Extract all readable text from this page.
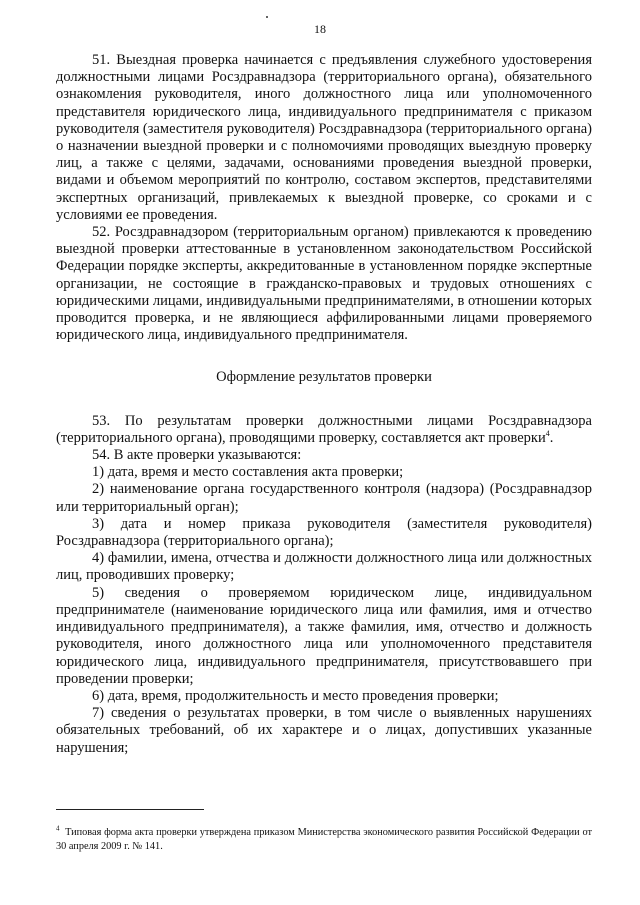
18

51. Выездная проверка начинается с предъявления служебного удостоверения должностными лицами Росздравнадзора (территориального органа), обязательного ознакомления руководителя, иного должностного лица или уполномоченного представителя юридического лица, индивидуального предпринимателя с приказом руководителя (заместителя руководителя) Росздравнадзора (территориального органа) о назначении выездной проверки и с полномочиями проводящих выездную проверку лиц, а также с целями, задачами, основаниями проведения выездной проверки, видами и объемом мероприятий по контролю, составом экспертов, представителями экспертных организаций, привлекаемых к выездной проверке, со сроками и с условиями ее проведения.

52. Росздравнадзором (территориальным органом) привлекаются к проведению выездной проверки аттестованные в установленном законодательством Российской Федерации порядке эксперты, аккредитованные в установленном порядке экспертные организации, не состоящие в гражданско-правовых и трудовых отношениях с юридическими лицами, индивидуальными предпринимателями, в отношении которых проводится проверка, и не являющиеся аффилированными лицами проверяемого юридического лица, индивидуального предпринимателя.

Оформление результатов проверки

53. По результатам проверки должностными лицами Росздравнадзора (территориального органа), проводящими проверку, составляется акт проверки$^4$.

54. В акте проверки указываются:

1) дата, время и место составления акта проверки;

2) наименование органа государственного контроля (надзора) (Росздравнадзор или территориальный орган);

3) дата и номер приказа руководителя (заместителя руководителя) Росздравнадзора (территориального органа);

4) фамилии, имена, отчества и должности должностного лица или должностных лиц, проводивших проверку;

5) сведения о проверяемом юридическом лице, индивидуальном предпринимателе (наименование юридического лица или фамилия, имя и отчество индивидуального предпринимателя), а также фамилия, имя, отчество и должность руководителя, иного должностного лица или уполномоченного представителя юридического лица, индивидуального предпринимателя, присутствовавшего при проведении проверки;

6) дата, время, продолжительность и место проведения проверки;

7) сведения о результатах проверки, в том числе о выявленных нарушениях обязательных требований, об их характере и о лицах, допустивших указанные нарушения;

$^4$ Типовая форма акта проверки утверждена приказом Министерства экономического развития Российской Федерации от 30 апреля 2009 г. № 141.
